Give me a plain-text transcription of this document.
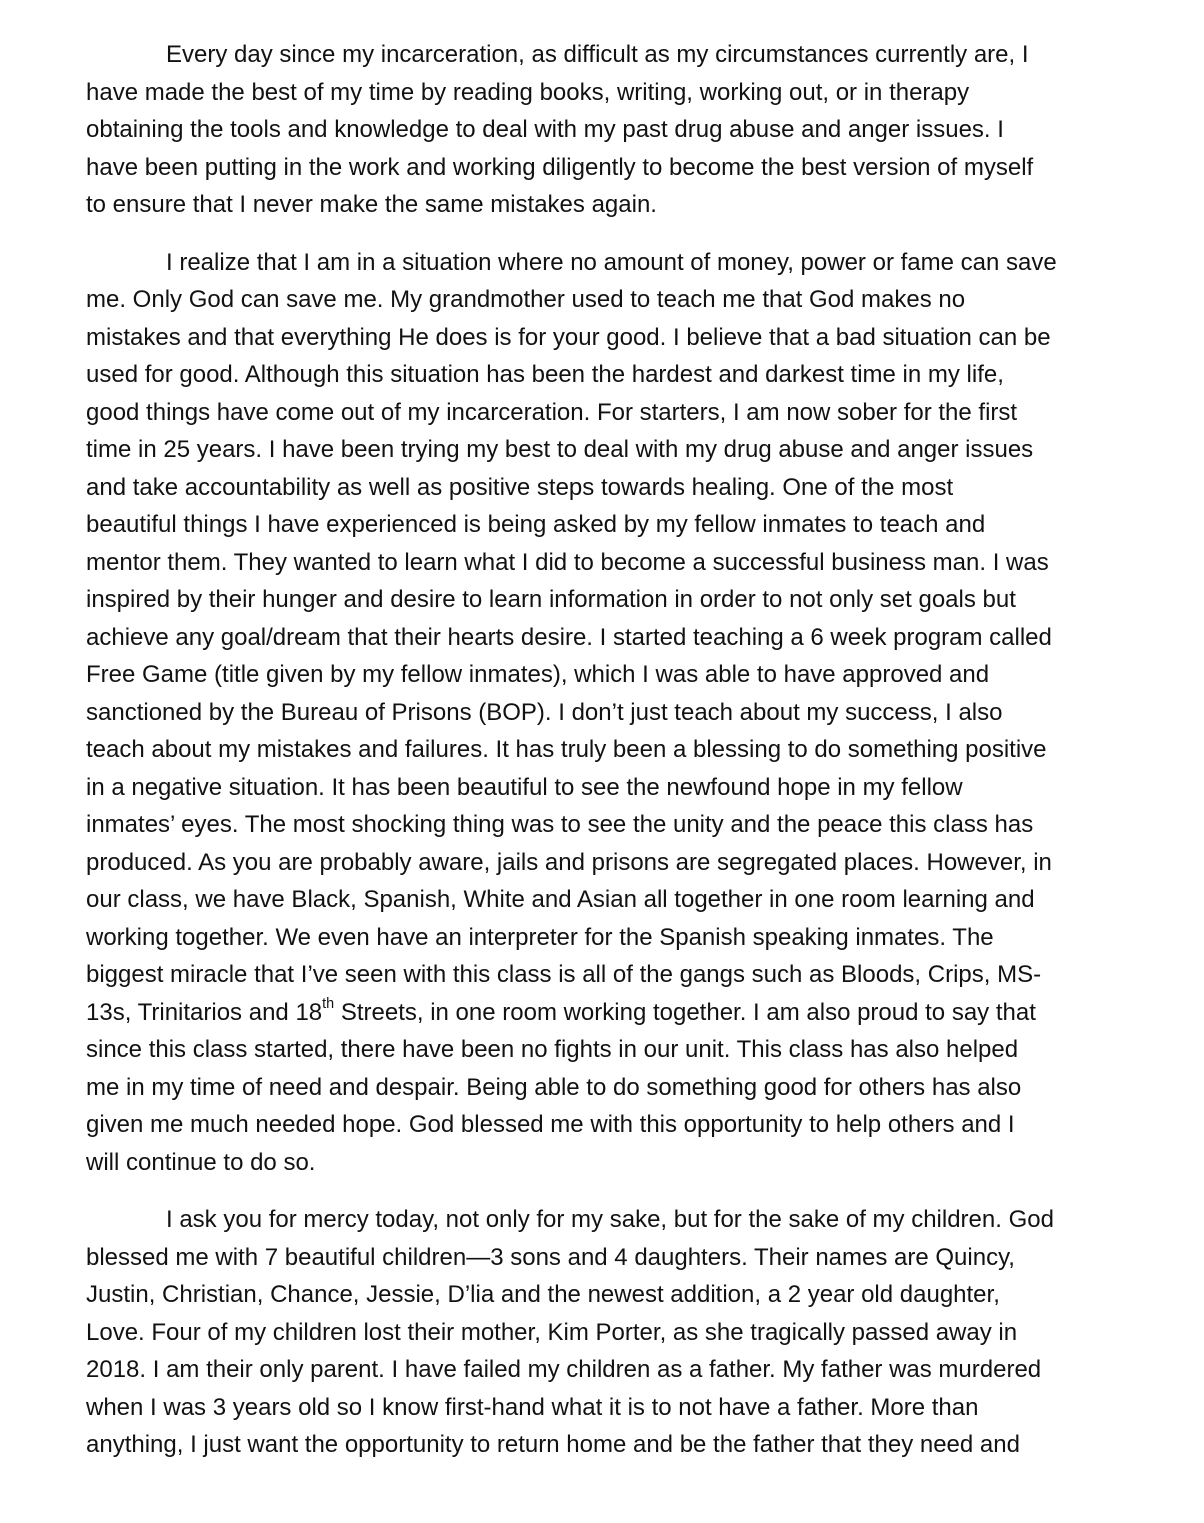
Every day since my incarceration, as difficult as my circumstances currently are, I
have made the best of my time by reading books, writing, working out, or in therapy
obtaining the tools and knowledge to deal with my past drug abuse and anger issues. I
have been putting in the work and working diligently to become the best version of myself
to ensure that I never make the same mistakes again.

I realize that I am in a situation where no amount of money, power or fame can save
me. Only God can save me. My grandmother used to teach me that God makes no
mistakes and that everything He does is for your good. I believe that a bad situation can be
used for good. Although this situation has been the hardest and darkest time in my life,
good things have come out of my incarceration. For starters, I am now sober for the first
time in 25 years. I have been trying my best to deal with my drug abuse and anger issues
and take accountability as well as positive steps towards healing. One of the most
beautiful things I have experienced is being asked by my fellow inmates to teach and
mentor them. They wanted to learn what I did to become a successful business man. I was
inspired by their hunger and desire to learn information in order to not only set goals but
achieve any goal/dream that their hearts desire. I started teaching a 6 week program called
Free Game (title given by my fellow inmates), which I was able to have approved and
sanctioned by the Bureau of Prisons (BOP). I don’t just teach about my success, I also
teach about my mistakes and failures. It has truly been a blessing to do something positive
in a negative situation. It has been beautiful to see the newfound hope in my fellow
inmates’ eyes. The most shocking thing was to see the unity and the peace this class has
produced. As you are probably aware, jails and prisons are segregated places. However, in
our class, we have Black, Spanish, White and Asian all together in one room learning and
working together. We even have an interpreter for the Spanish speaking inmates. The
biggest miracle that I’ve seen with this class is all of the gangs such as Bloods, Crips, MS-
13s, Trinitarios and 18th Streets, in one room working together. I am also proud to say that
since this class started, there have been no fights in our unit. This class has also helped
me in my time of need and despair. Being able to do something good for others has also
given me much needed hope. God blessed me with this opportunity to help others and I
will continue to do so.

I ask you for mercy today, not only for my sake, but for the sake of my children. God
blessed me with 7 beautiful children—3 sons and 4 daughters. Their names are Quincy,
Justin, Christian, Chance, Jessie, D’lia and the newest addition, a 2 year old daughter,
Love. Four of my children lost their mother, Kim Porter, as she tragically passed away in
2018. I am their only parent. I have failed my children as a father. My father was murdered
when I was 3 years old so I know first-hand what it is to not have a father. More than
anything, I just want the opportunity to return home and be the father that they need and
